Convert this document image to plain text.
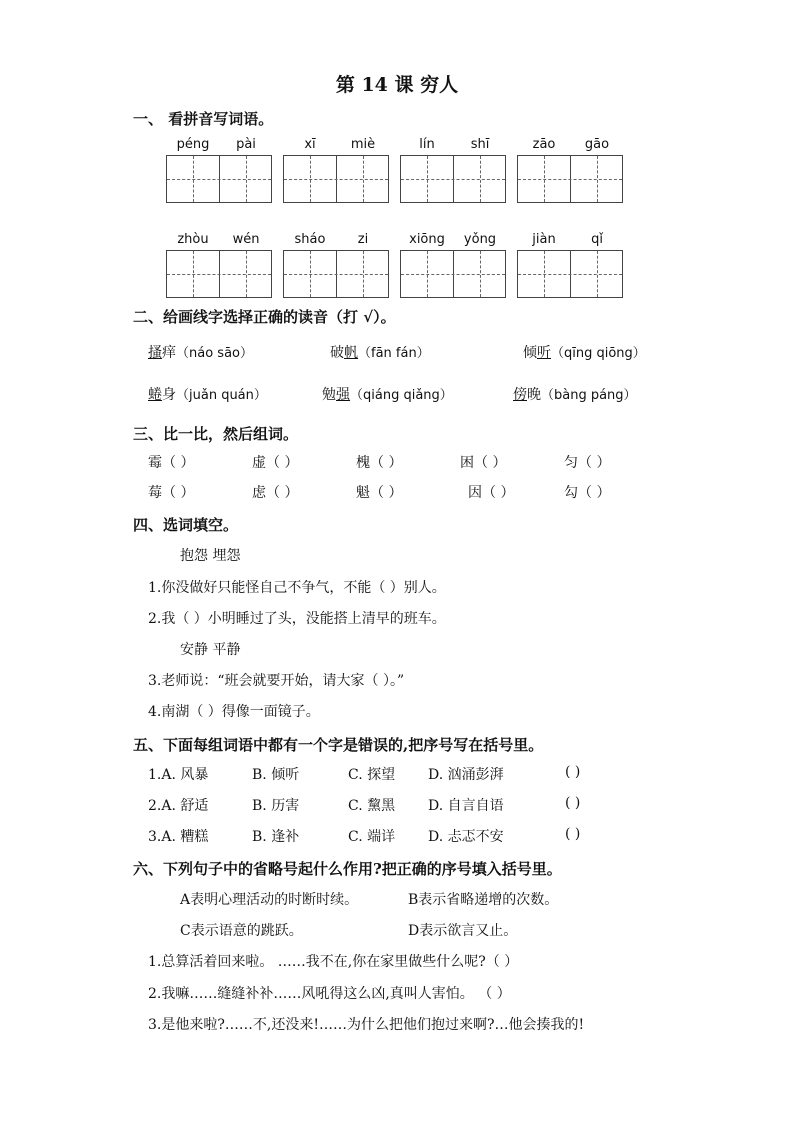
第 14 课 穷人
一、 看拼音写词语。
péng	pài	xī	miè	lín	shī	zāo	gāo
zhòu	wén	sháo	zi	xiōng	yǒng	jiàn	qǐ
二、给画线字选择正确的读音（打 √）。
搔痒（náo sāo）	破帆（fān fán）	倾听（qīng qiōng）
蜷身（juǎn quán）	勉强（qiáng qiǎng）	傍晚（bàng páng）
三、比一比，然后组词。
霉（ ）	虚（ ）	槐（ ）	困（ ）	匀（ ）
莓（ ）	虑（ ）	魁（ ）	因（ ）	勾（ ）
四、选词填空。
抱怨 埋怨
1.你没做好只能怪自己不争气，不能（ ）别人。
2.我（ ）小明睡过了头，没能搭上清早的班车。
安静 平静
3.老师说：“班会就要开始，请大家（ ）。”
4.南湖（ ）得像一面镜子。
五、下面每组词语中都有一个字是错误的,把序号写在括号里。
1.A. 风暴	B. 倾听	C. 探望 D. 汹涌彭湃	( )
2.A. 舒适	B. 历害	C. 黧黑 D. 自言自语	( )
3.A. 糟糕	B. 逢补	C. 端详 D. 忐忑不安	( )
六、下列句子中的省略号起什么作用?把正确的序号填入括号里。
A表明心理活动的时断时续。	B表示省略递增的次数。
C表示语意的跳跃。	D表示欲言又止。
1.总算活着回来啦。 ……我不在,你在家里做些什么呢?（ ）
2.我嘛……缝缝补补……风吼得这么凶,真叫人害怕。 （ ）
3.是他来啦?……不,还没来!……为什么把他们抱过来啊?…他会揍我的!
